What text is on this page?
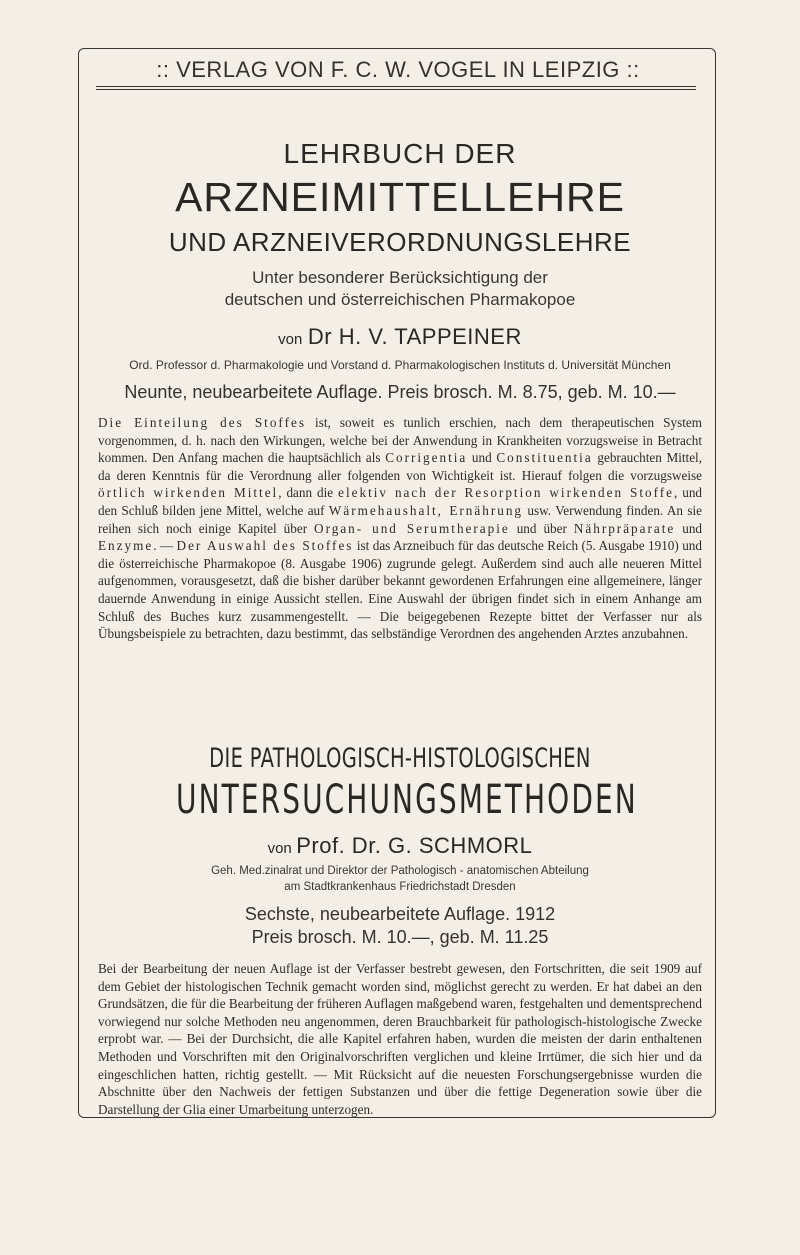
:: VERLAG VON F. C. W. VOGEL IN LEIPZIG ::
LEHRBUCH DER
ARZNEIMITTELLEHRE
UND ARZNEIVERORDNUNGSLEHRE
Unter besonderer Berücksichtigung der
deutschen und österreichischen Pharmakopoe
von Dr H. V. TAPPEINER
Ord. Professor d. Pharmakologie und Vorstand d. Pharmakologischen Instituts d. Universität München
Neunte, neubearbeitete Auflage. Preis brosch. M. 8.75, geb. M. 10.—
Die Einteilung des Stoffes ist, soweit es tunlich erschien, nach dem therapeutischen System vorgenommen, d. h. nach den Wirkungen, welche bei der Anwendung in Krankheiten vorzugsweise in Betracht kommen. Den Anfang machen die hauptsächlich als Corrigentia und Constituentia gebrauchten Mittel, da deren Kenntnis für die Verordnung aller folgenden von Wichtigkeit ist. Hierauf folgen die vorzugsweise örtlich wirkenden Mittel, dann die elektiv nach der Resorption wirkenden Stoffe, und den Schluß bilden jene Mittel, welche auf Wärmehaushalt, Ernährung usw. Verwendung finden. An sie reihen sich noch einige Kapitel über Organ- und Serumtherapie und über Nährpräparate und Enzyme. — Der Auswahl des Stoffes ist das Arzneibuch für das deutsche Reich (5. Ausgabe 1910) und die österreichische Pharmakopoe (8. Ausgabe 1906) zugrunde gelegt. Außerdem sind auch alle neueren Mittel aufgenommen, vorausgesetzt, daß die bisher darüber bekannt gewordenen Erfahrungen eine allgemeinere, länger dauernde Anwendung in einige Aussicht stellen. Eine Auswahl der übrigen findet sich in einem Anhange am Schluß des Buches kurz zusammengestellt. — Die beigegebenen Rezepte bittet der Verfasser nur als Übungsbeispiele zu betrachten, dazu bestimmt, das selbständige Verordnen des angehenden Arztes anzubahnen.
DIE PATHOLOGISCH-HISTOLOGISCHEN
UNTERSUCHUNGSMETHODEN
von Prof. Dr. G. SCHMORL
Geh. Med.zinalrat und Direktor der Pathologisch - anatomischen Abteilung
am Stadtkrankenhaus Friedrichstadt Dresden
Sechste, neubearbeitete Auflage. 1912
Preis brosch. M. 10.—, geb. M. 11.25
Bei der Bearbeitung der neuen Auflage ist der Verfasser bestrebt gewesen, den Fortschritten, die seit 1909 auf dem Gebiet der histologischen Technik gemacht worden sind, möglichst gerecht zu werden. Er hat dabei an den Grundsätzen, die für die Bearbeitung der früheren Auflagen maßgebend waren, festgehalten und dementsprechend vorwiegend nur solche Methoden neu angenommen, deren Brauchbarkeit für pathologisch-histologische Zwecke erprobt war. — Bei der Durchsicht, die alle Kapitel erfahren haben, wurden die meisten der darin enthaltenen Methoden und Vorschriften mit den Originalvorschriften verglichen und kleine Irrtümer, die sich hier und da eingeschlichen hatten, richtig gestellt. — Mit Rücksicht auf die neuesten Forschungsergebnisse wurden die Abschnitte über den Nachweis der fettigen Substanzen und über die fettige Degeneration sowie über die Darstellung der Glia einer Umarbeitung unterzogen.
